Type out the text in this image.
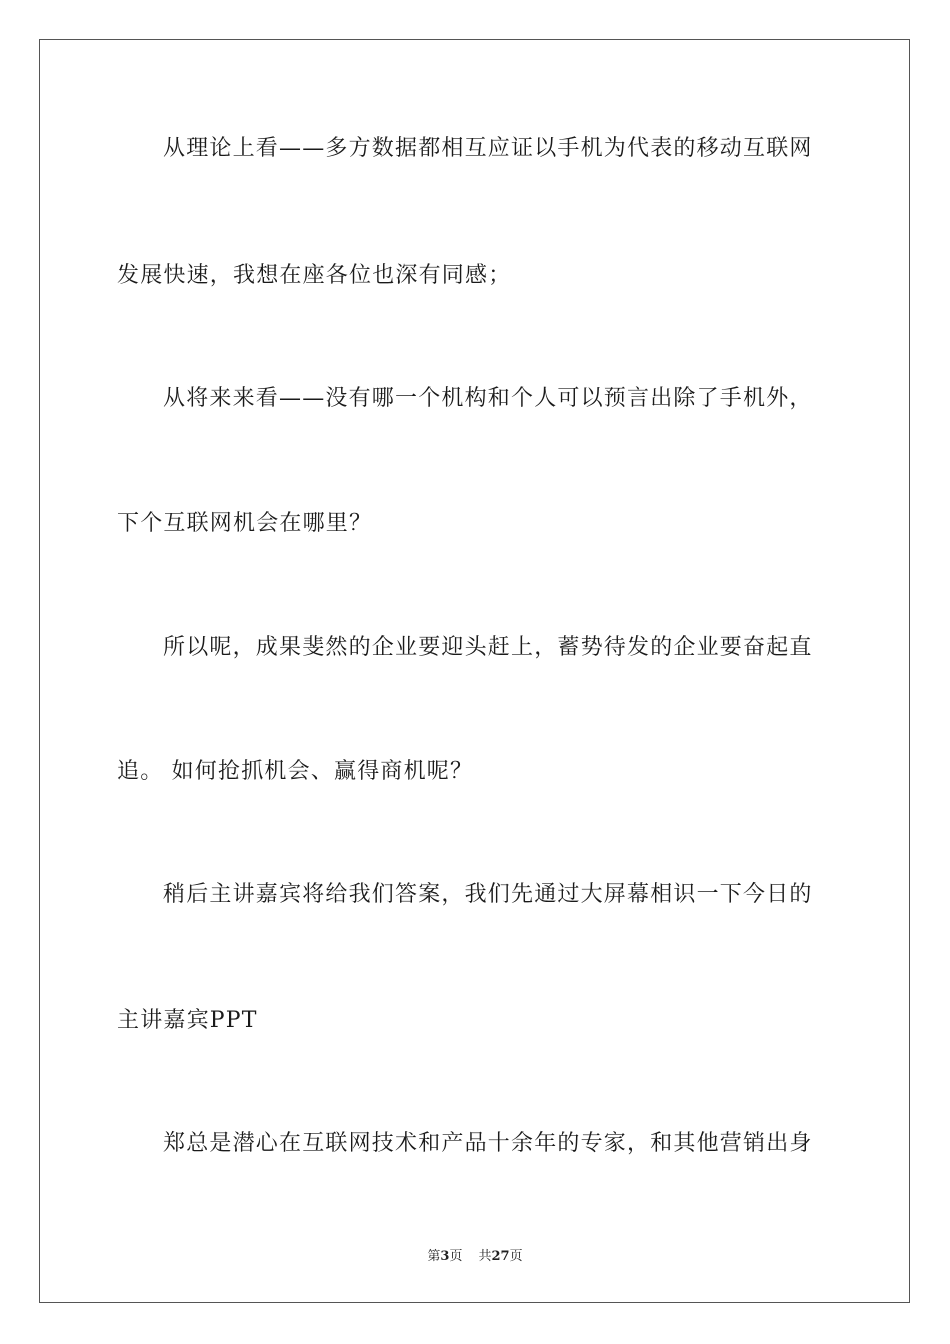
从理论上看——多方数据都相互应证以手机为代表的移动互联网
发展快速，我想在座各位也深有同感；
从将来来看——没有哪一个机构和个人可以预言出除了手机外，
下个互联网机会在哪里？
所以呢，成果斐然的企业要迎头赶上，蓄势待发的企业要奋起直
追。 如何抢抓机会、赢得商机呢？
稍后主讲嘉宾将给我们答案，我们先通过大屏幕相识一下今日的
主讲嘉宾PPT
郑总是潜心在互联网技术和产品十余年的专家，和其他营销出身
第3页 共27页
